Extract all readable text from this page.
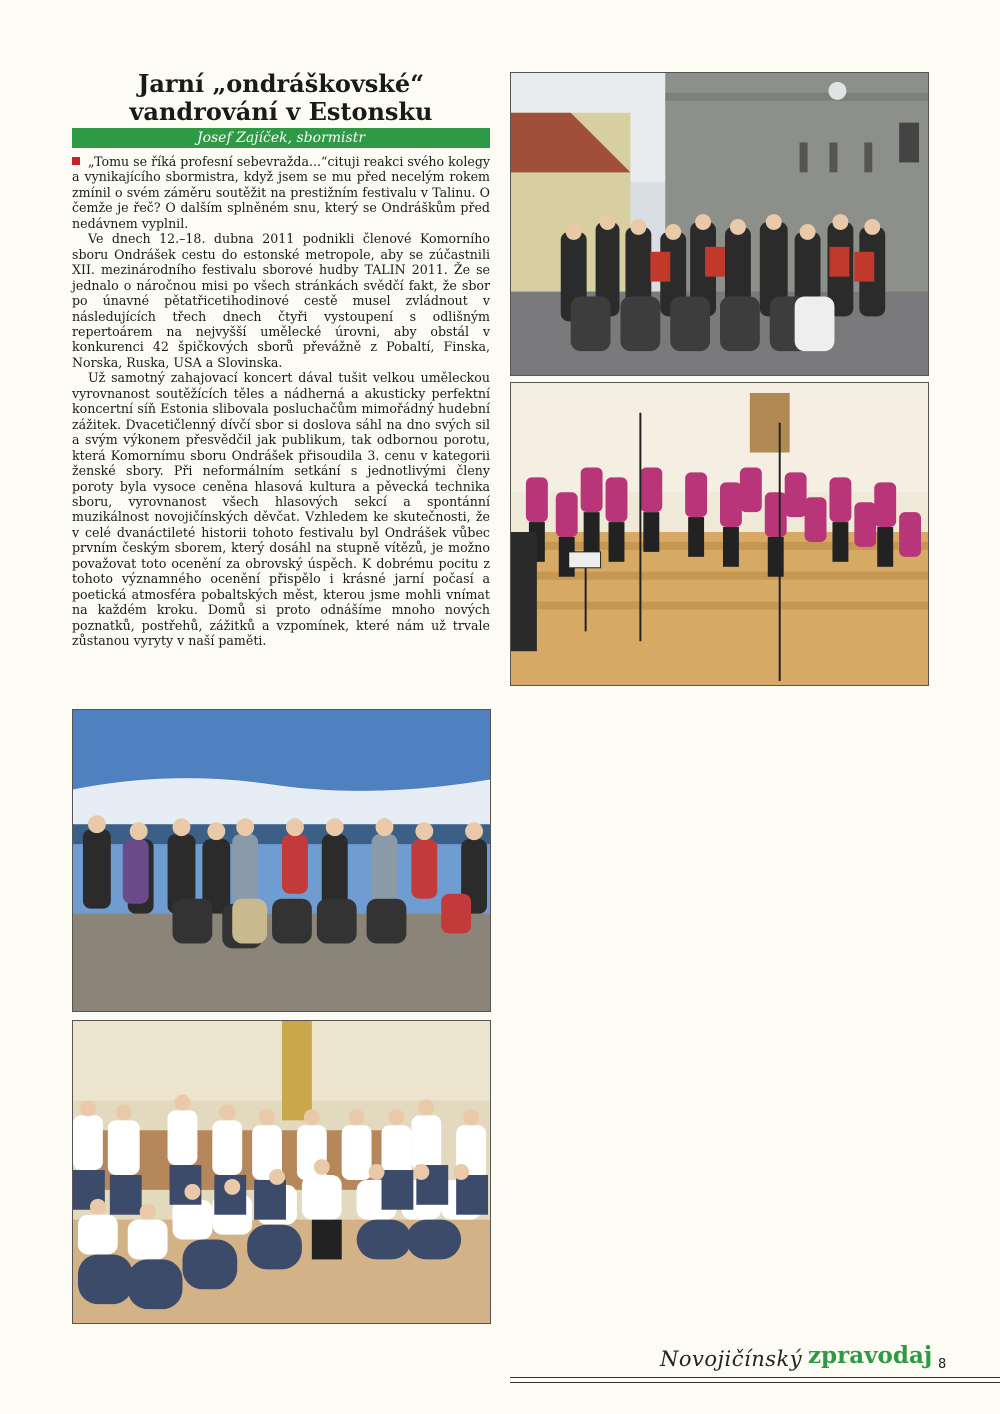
Jarní „ondráškovské“
vandrování v Estonsku
Josef Zajíček, sbormistr

„Tomu se říká profesní sebevražda...“cituji reakci svého kolegy a vynikajícího sbormistra, když jsem se mu před necelým rokem zmínil o svém záměru soutěžit na prestižním festivalu v Talinu. O čemže je řeč? O dalším splněném snu, který se Ondráškům před nedávnem vyplnil.

Ve dnech 12.–18. dubna 2011 podnikli členové Komorního sboru Ondrášek cestu do estonské metropole, aby se zúčastnili XII. mezinárodního festivalu sborové hudby TALIN 2011. Že se jednalo o náročnou misi po všech stránkách svědčí fakt, že sbor po únavné pětatřicetihodinové cestě musel zvládnout v následujících třech dnech čtyři vystoupení s odlišným repertoárem na nejvyšší umělecké úrovni, aby obstál v konkurenci 42 špičkových sborů převážně z Pobaltí, Finska, Norska, Ruska, USA a Slovinska.

Už samotný zahajovací koncert dával tušit velkou uměleckou vyrovnanost soutěžících těles a nádherná a akusticky perfektní koncertní síň Estonia slibovala posluchačům mimořádný hudební zážitek. Dvacetičlenný dívčí sbor si doslova sáhl na dno svých sil a svým výkonem přesvědčil jak publikum, tak odbornou porotu, která Komornímu sboru Ondrášek přisoudila 3. cenu v kategorii ženské sbory. Při neformálním setkání s jednotlivými členy poroty byla vysoce ceněna hlasová kultura a pěvecká technika sboru, vyrovnanost všech hlasových sekcí a spontánní muzikálnost novojičínských děvčat. Vzhledem ke skutečnosti, že v celé dvanáctileté historii tohoto festivalu byl Ondrášek vůbec prvním českým sborem, který dosáhl na stupně vítězů, je možno považovat toto ocenění za obrovský úspěch. K dobrému pocitu z tohoto významného ocenění přispělo i krásné jarní počasí a poetická atmosféra pobaltských měst, kterou jsme mohli vnímat na každém kroku. Domů si proto odnášíme mnoho nových poznatků, postřehů, zážitků a vzpomínek, které nám už trvale zůstanou vyryty v naší paměti.

Novojičínský zpravodaj 8
